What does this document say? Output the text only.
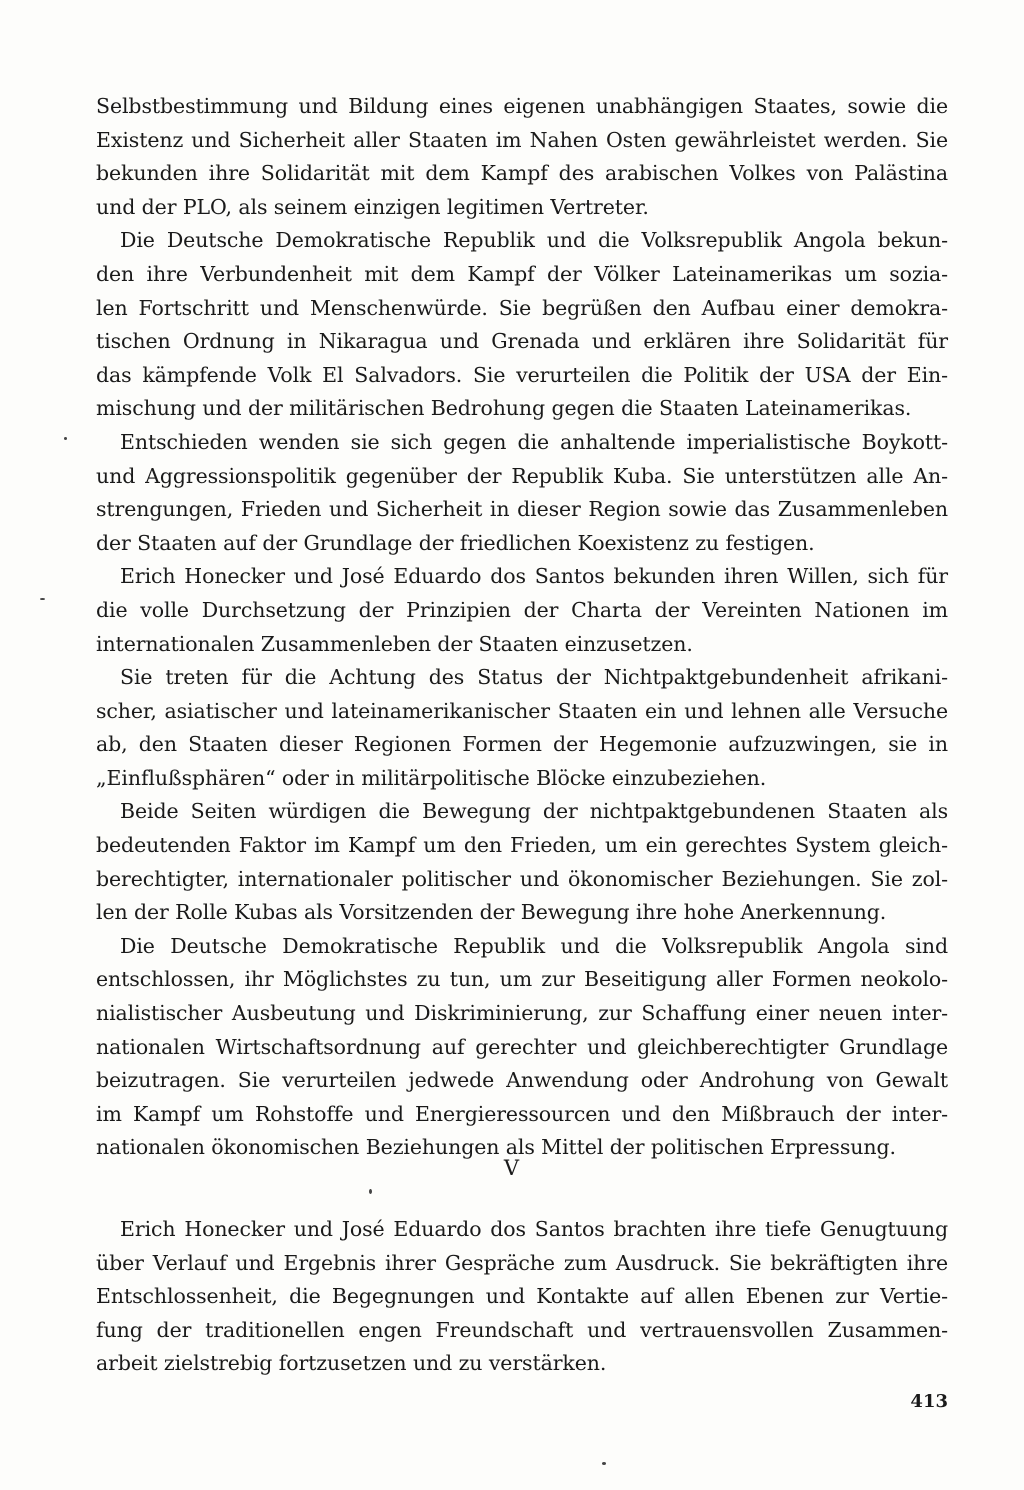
Selbstbestimmung und Bildung eines eigenen unabhängigen Staates, sowie die
Existenz und Sicherheit aller Staaten im Nahen Osten gewährleistet werden. Sie
bekunden ihre Solidarität mit dem Kampf des arabischen Volkes von Palästina
und der PLO, als seinem einzigen legitimen Vertreter.
Die Deutsche Demokratische Republik und die Volksrepublik Angola bekun-
den ihre Verbundenheit mit dem Kampf der Völker Lateinamerikas um sozia-
len Fortschritt und Menschenwürde. Sie begrüßen den Aufbau einer demokra-
tischen Ordnung in Nikaragua und Grenada und erklären ihre Solidarität für
das kämpfende Volk El Salvadors. Sie verurteilen die Politik der USA der Ein-
mischung und der militärischen Bedrohung gegen die Staaten Lateinamerikas.
Entschieden wenden sie sich gegen die anhaltende imperialistische Boykott-
und Aggressionspolitik gegenüber der Republik Kuba. Sie unterstützen alle An-
strengungen, Frieden und Sicherheit in dieser Region sowie das Zusammenleben
der Staaten auf der Grundlage der friedlichen Koexistenz zu festigen.
Erich Honecker und José Eduardo dos Santos bekunden ihren Willen, sich für
die volle Durchsetzung der Prinzipien der Charta der Vereinten Nationen im
internationalen Zusammenleben der Staaten einzusetzen.
Sie treten für die Achtung des Status der Nichtpaktgebundenheit afrikani-
scher, asiatischer und lateinamerikanischer Staaten ein und lehnen alle Versuche
ab, den Staaten dieser Regionen Formen der Hegemonie aufzuzwingen, sie in
„Einflußsphären“ oder in militärpolitische Blöcke einzubeziehen.
Beide Seiten würdigen die Bewegung der nichtpaktgebundenen Staaten als
bedeutenden Faktor im Kampf um den Frieden, um ein gerechtes System gleich-
berechtigter, internationaler politischer und ökonomischer Beziehungen. Sie zol-
len der Rolle Kubas als Vorsitzenden der Bewegung ihre hohe Anerkennung.
Die Deutsche Demokratische Republik und die Volksrepublik Angola sind
entschlossen, ihr Möglichstes zu tun, um zur Beseitigung aller Formen neokolo-
nialistischer Ausbeutung und Diskriminierung, zur Schaffung einer neuen inter-
nationalen Wirtschaftsordnung auf gerechter und gleichberechtigter Grundlage
beizutragen. Sie verurteilen jedwede Anwendung oder Androhung von Gewalt
im Kampf um Rohstoffe und Energieressourcen und den Mißbrauch der inter-
nationalen ökonomischen Beziehungen als Mittel der politischen Erpressung.
V
Erich Honecker und José Eduardo dos Santos brachten ihre tiefe Genugtuung
über Verlauf und Ergebnis ihrer Gespräche zum Ausdruck. Sie bekräftigten ihre
Entschlossenheit, die Begegnungen und Kontakte auf allen Ebenen zur Vertie-
fung der traditionellen engen Freundschaft und vertrauensvollen Zusammen-
arbeit zielstrebig fortzusetzen und zu verstärken.
413
